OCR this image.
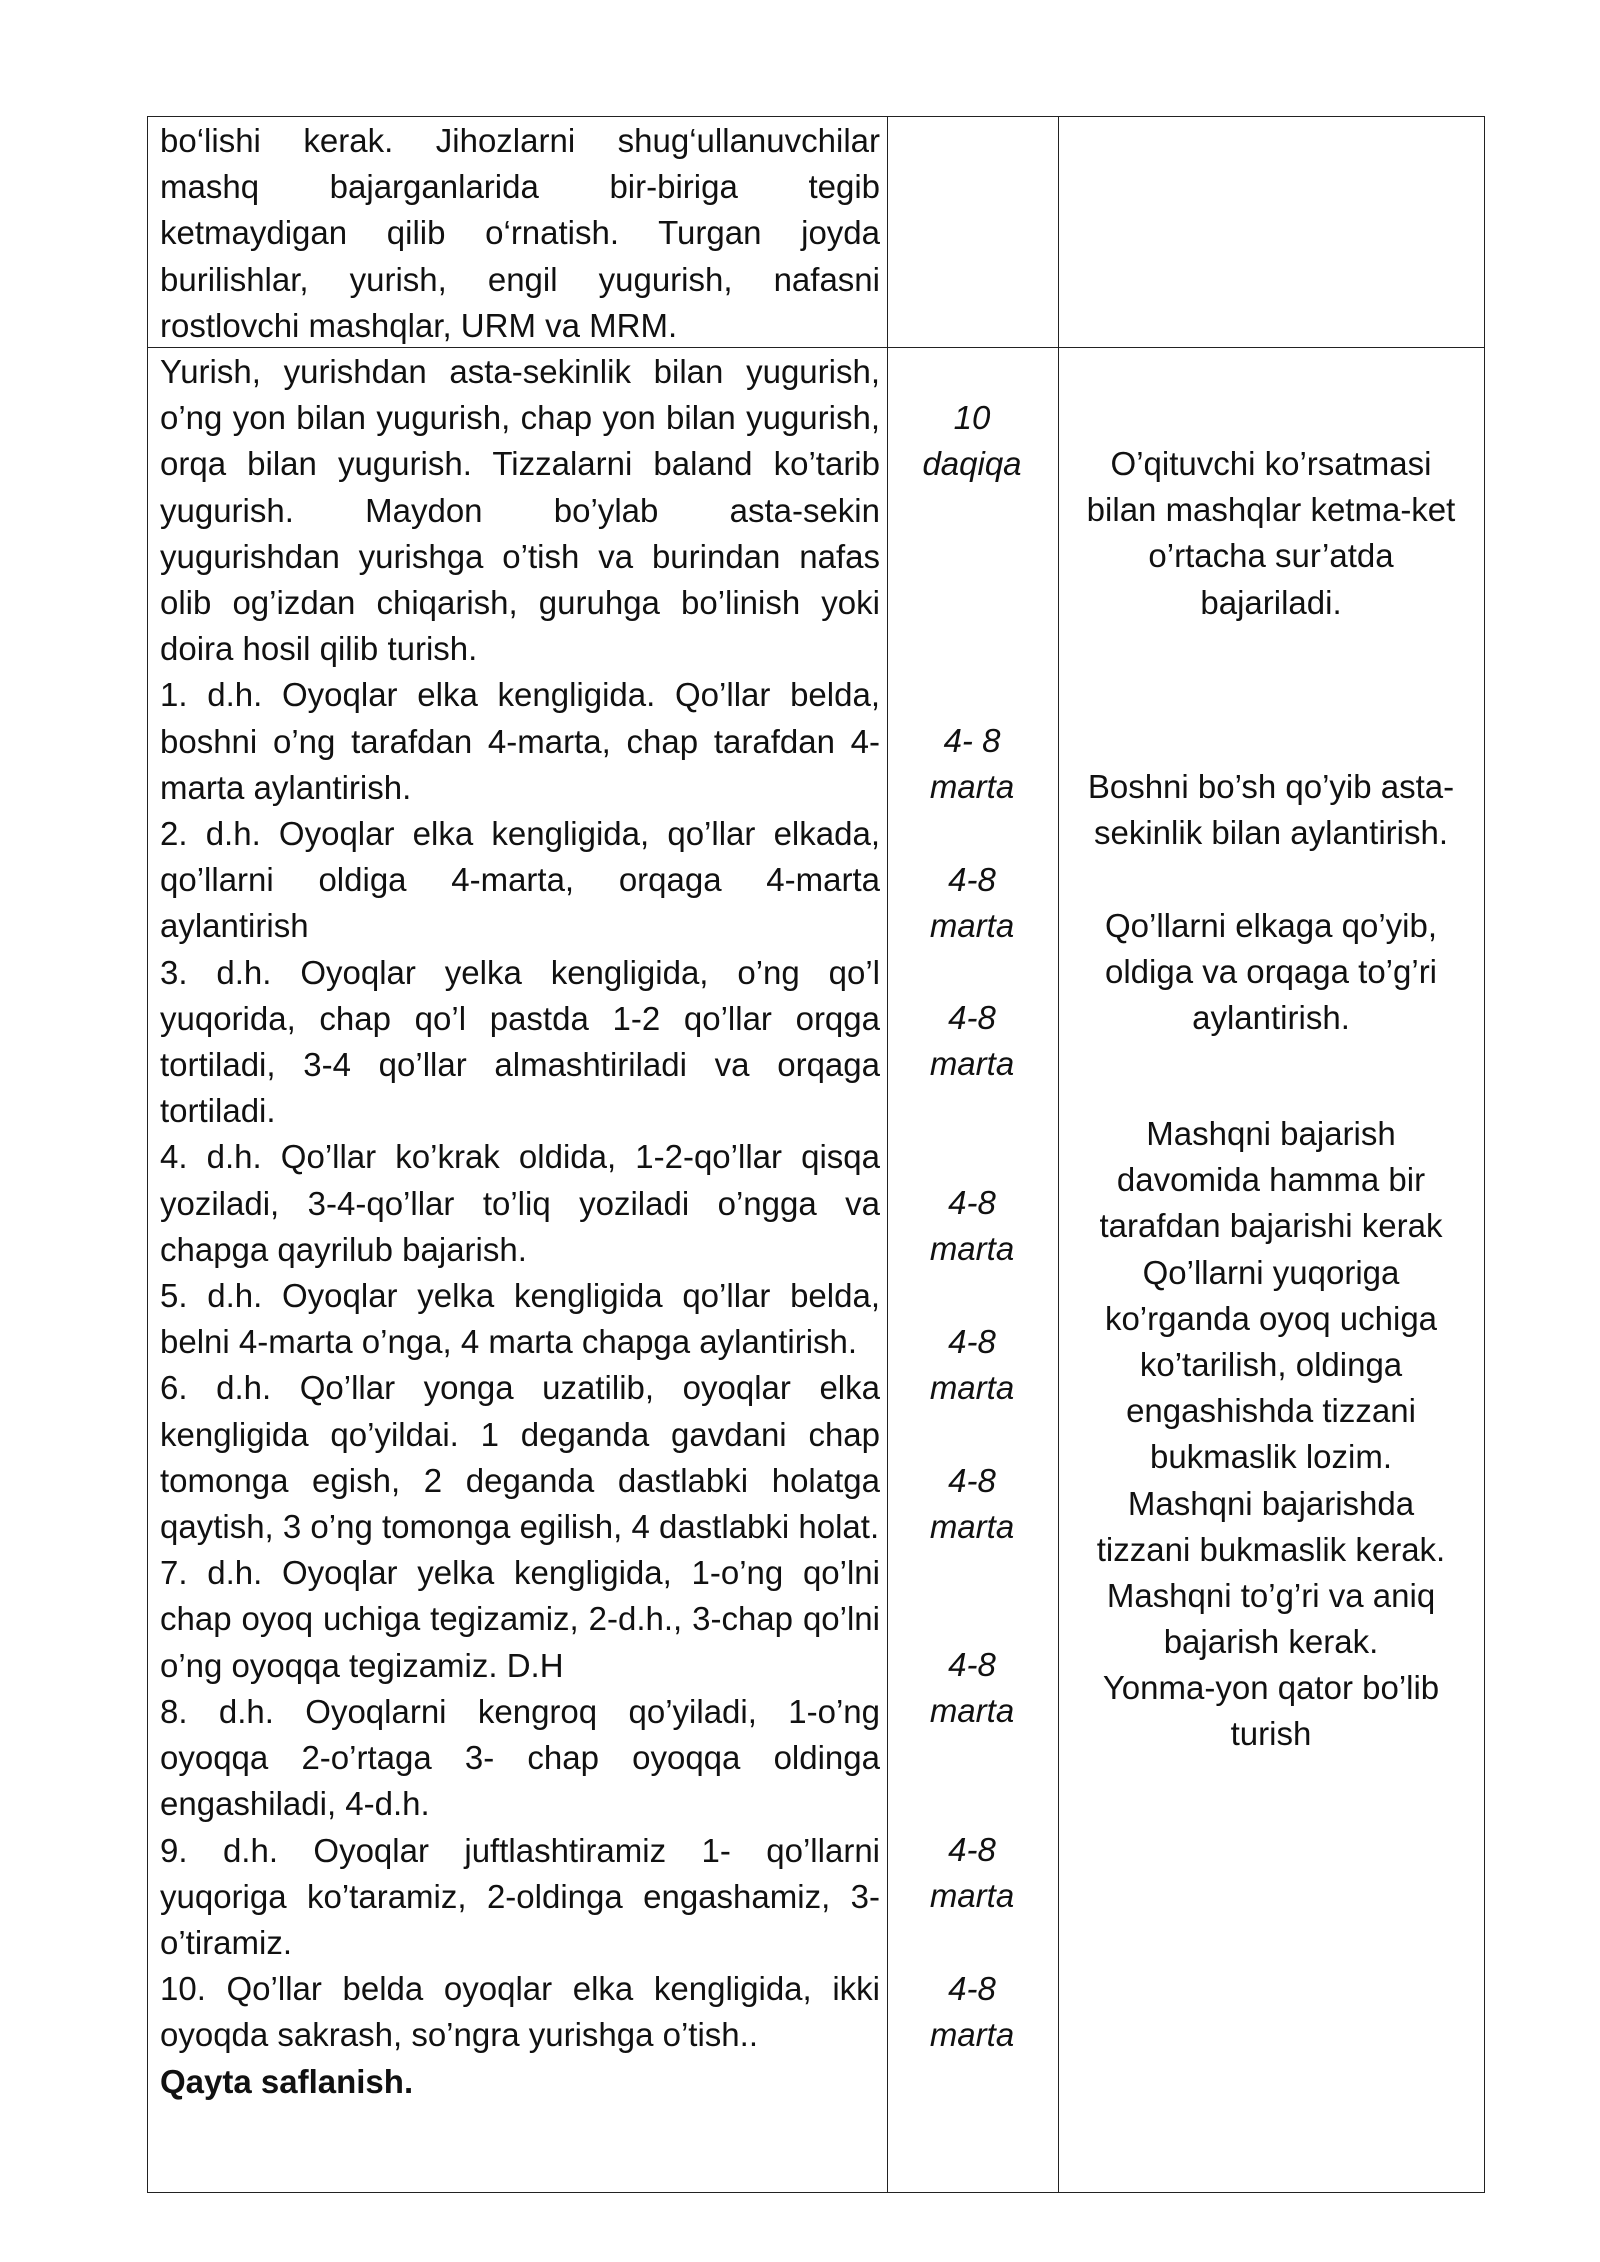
bo‘lishi kerak. Jihozlarni shug‘ullanuvchilar mashq bajarganlarida bir-biriga tegib ketmaydigan qilib o‘rnatish. Turgan joyda burilishlar, yurish, engil yugurish, nafasni rostlovchi mashqlar, URM va MRM.

Yurish, yurishdan asta-sekinlik bilan yugurish, o’ng yon bilan yugurish, chap yon bilan yugurish, orqa bilan yugurish. Tizzalarni baland ko’tarib yugurish. Maydon bo’ylab asta-sekin yugurishdan yurishga o’tish va burindan nafas olib og’izdan chiqarish, guruhga bo’linish yoki doira hosil qilib turish.

1. d.h. Oyoqlar elka kengligida. Qo’llar belda, boshni o’ng tarafdan 4-marta, chap tarafdan 4-marta aylantirish.

2. d.h. Oyoqlar elka kengligida, qo’llar elkada, qo’llarni oldiga 4-marta, orqaga 4-marta aylantirish

3. d.h. Oyoqlar yelka kengligida, o’ng qo’l yuqorida, chap qo’l pastda 1-2 qo’llar orqga tortiladi, 3-4 qo’llar almashtiriladi va orqaga tortiladi.

4. d.h. Qo’llar ko’krak oldida, 1-2-qo’llar qisqa yoziladi, 3-4-qo’llar to’liq yoziladi o’ngga va chapga qayrilub bajarish.

5. d.h. Oyoqlar yelka kengligida qo’llar belda, belni 4-marta o’nga, 4 marta chapga aylantirish.

6. d.h. Qo’llar yonga uzatilib, oyoqlar elka kengligida qo’yildai. 1 deganda gavdani chap tomonga egish, 2 deganda dastlabki holatga qaytish, 3 o’ng tomonga egilish, 4 dastlabki holat.

7. d.h. Oyoqlar yelka kengligida, 1-o’ng qo’lni chap oyoq uchiga tegizamiz, 2-d.h., 3-chap qo’lni o’ng oyoqqa tegizamiz. D.H

8. d.h. Oyoqlarni kengroq qo’yiladi, 1-o’ng oyoqqa 2-o’rtaga 3- chap oyoqqa oldinga engashiladi, 4-d.h.

9. d.h. Oyoqlar juftlashtiramiz 1- qo’llarni yuqoriga ko’taramiz, 2-oldinga engashamiz, 3-o’tiramiz.

10. Qo’llar belda oyoqlar elka kengligida, ikki oyoqda sakrash, so’ngra yurishga o’tish..

Qayta saflanish.

10
daqiqa
4- 8
marta
4-8
marta
4-8
marta
4-8
marta
4-8
marta
4-8
marta
4-8
marta
4-8
marta
4-8
marta
O’qituvchi ko’rsatmasi
bilan mashqlar ketma-ket
o’rtacha sur’atda
bajariladi.
Boshni bo’sh qo’yib asta-
sekinlik bilan aylantirish.
Qo’llarni elkaga qo’yib,
oldiga va orqaga to’g’ri
aylantirish.
Mashqni bajarish
davomida hamma bir
tarafdan bajarishi kerak
Qo’llarni yuqoriga
ko’rganda oyoq uchiga
ko’tarilish, oldinga
engashishda tizzani
bukmaslik lozim.
Mashqni bajarishda
tizzani bukmaslik kerak.
Mashqni to’g’ri va aniq
bajarish kerak.
Yonma-yon qator bo’lib
turish
